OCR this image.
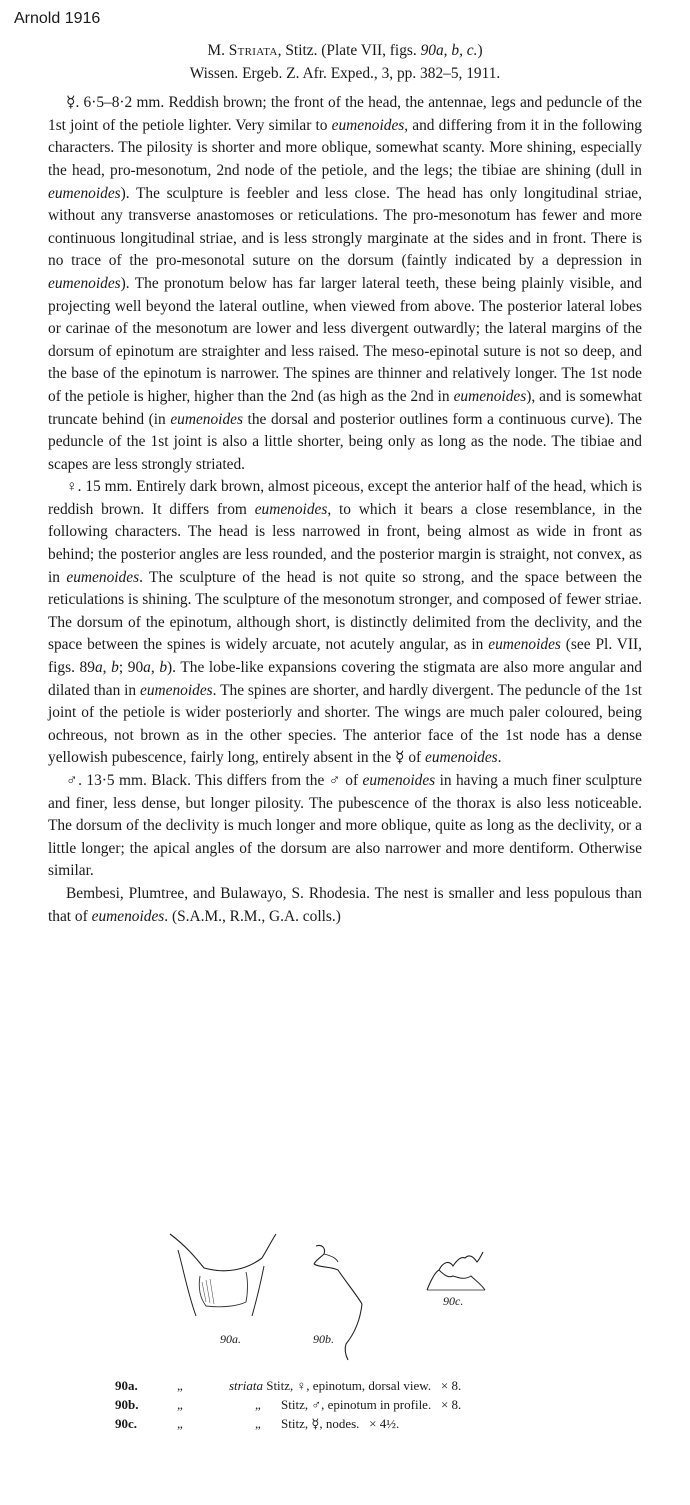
Arnold 1916

M. Striata, Stitz. (Plate VII, figs. 90a, b, c.)

Wissen. Ergeb. Z. Afr. Exped., 3, pp. 382–5, 1911.

☿. 6·5–8·2 mm. Reddish brown; the front of the head, the antennae, legs and peduncle of the 1st joint of the petiole lighter. Very similar to eumenoides, and differing from it in the following characters. The pilosity is shorter and more oblique, somewhat scanty. More shining, especially the head, pro-mesonotum, 2nd node of the petiole, and the legs; the tibiae are shining (dull in eumenoides). The sculpture is feebler and less close. The head has only longitudinal striae, without any transverse anastomoses or reticulations. The pro-mesonotum has fewer and more continuous longitudinal striae, and is less strongly marginate at the sides and in front. There is no trace of the pro-mesonotal suture on the dorsum (faintly indicated by a depression in eumenoides). The pronotum below has far larger lateral teeth, these being plainly visible, and projecting well beyond the lateral outline, when viewed from above. The posterior lateral lobes or carinae of the mesonotum are lower and less divergent outwardly; the lateral margins of the dorsum of epinotum are straighter and less raised. The meso-epinotal suture is not so deep, and the base of the epinotum is narrower. The spines are thinner and relatively longer. The 1st node of the petiole is higher, higher than the 2nd (as high as the 2nd in eumenoides), and is somewhat truncate behind (in eumenoides the dorsal and posterior outlines form a continuous curve). The peduncle of the 1st joint is also a little shorter, being only as long as the node. The tibiae and scapes are less strongly striated.

♀. 15 mm. Entirely dark brown, almost piceous, except the anterior half of the head, which is reddish brown. It differs from eumenoides, to which it bears a close resemblance, in the following characters. The head is less narrowed in front, being almost as wide in front as behind; the posterior angles are less rounded, and the posterior margin is straight, not convex, as in eumenoides. The sculpture of the head is not quite so strong, and the space between the reticulations is shining. The sculpture of the mesonotum stronger, and composed of fewer striae. The dorsum of the epinotum, although short, is distinctly delimited from the declivity, and the space between the spines is widely arcuate, not acutely angular, as in eumenoides (see Pl. VII, figs. 89a, b; 90a, b). The lobe-like expansions covering the stigmata are also more angular and dilated than in eumenoides. The spines are shorter, and hardly divergent. The peduncle of the 1st joint of the petiole is wider posteriorly and shorter. The wings are much paler coloured, being ochreous, not brown as in the other species. The anterior face of the 1st node has a dense yellowish pubescence, fairly long, entirely absent in the ☿ of eumenoides.

♂. 13·5 mm. Black. This differs from the ♂ of eumenoides in having a much finer sculpture and finer, less dense, but longer pilosity. The pubescence of the thorax is also less noticeable. The dorsum of the declivity is much longer and more oblique, quite as long as the declivity, or a little longer; the apical angles of the dorsum are also narrower and more dentiform. Otherwise similar.

Bembesi, Plumtree, and Bulawayo, S. Rhodesia. The nest is smaller and less populous than that of eumenoides. (S.A.M., R.M., G.A. colls.)

90a.	90b.
90c.
90a.	„	striata Stitz, ♀, epinotum, dorsal view. × 8.
90b.	„	„ Stitz, ♂, epinotum in profile. × 8.
90c.	„	„ Stitz, ☿, nodes. × 4½.
